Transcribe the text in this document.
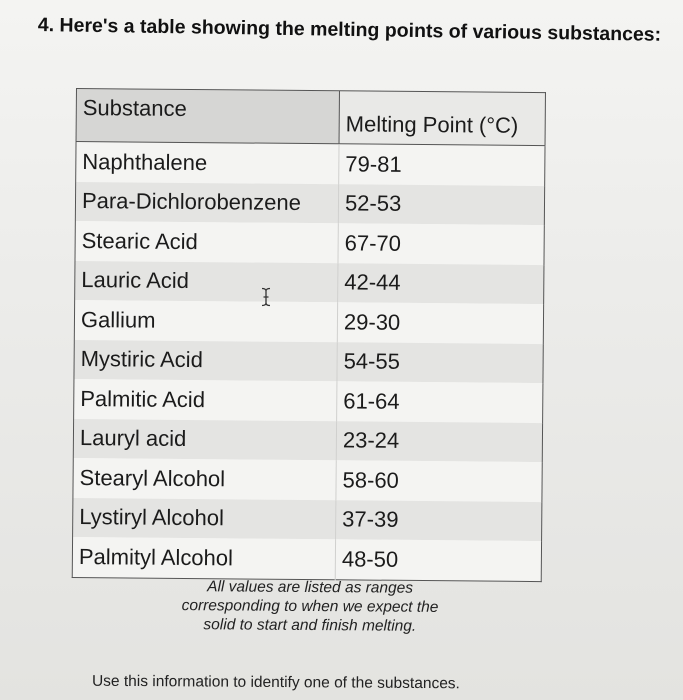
4. Here's a table showing the melting points of various substances:
Substance	Melting Point (°C)
Naphthalene	79-81
Para-Dichlorobenzene	52-53
Stearic Acid	67-70
Lauric Acid	42-44
Gallium	29-30
Mystiric Acid	54-55
Palmitic Acid	61-64
Lauryl acid	23-24
Stearyl Alcohol	58-60
Lystiryl Alcohol	37-39
Palmityl Alcohol	48-50
All values are listed as ranges
corresponding to when we expect the
solid to start and finish melting.
Use this information to identify one of the substances.
